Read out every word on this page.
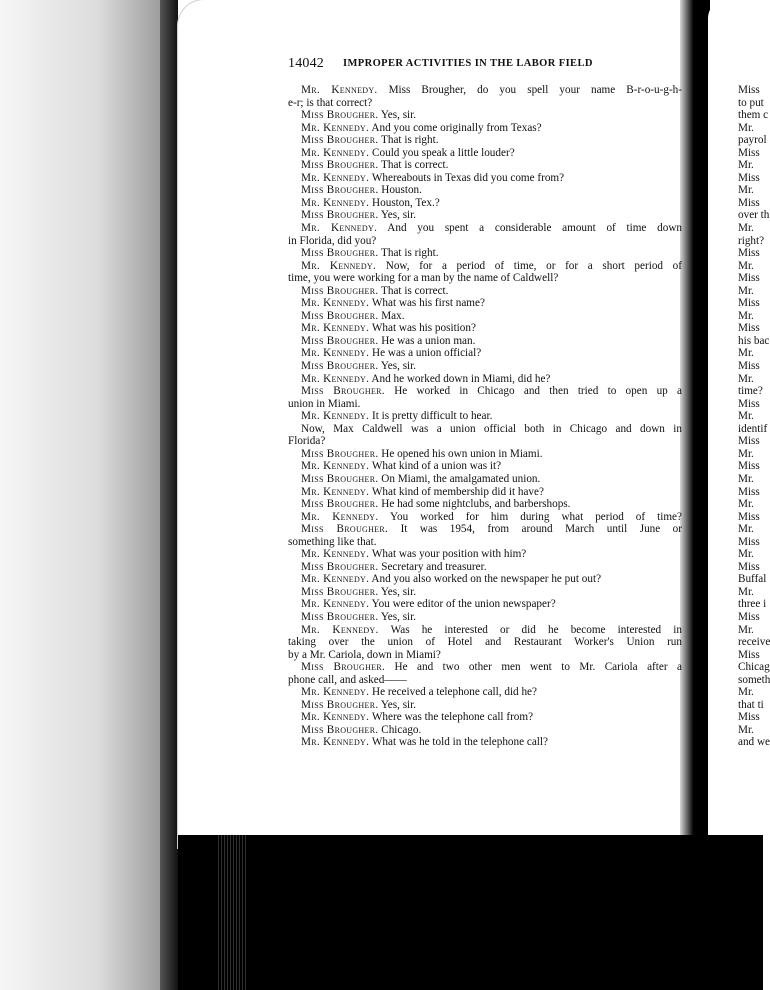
Miss
to put
them c
Mr.
payrol
Miss
Mr.
Miss
Mr.
Miss
over th
Mr.
right?
Miss
Mr.
Miss
Mr.
Miss
Mr.
Miss
his bac
Mr.
Miss
Mr.
time?
Miss
Mr.
identif
Miss
Mr.
Miss
Mr.
Miss
Mr.
Miss
Mr.
Miss
Mr.
Miss
Buffal
Mr.
three i
Miss
Mr.
receive
Miss
Chicag
someth
Mr.
that ti
Miss
Mr.
and we
14042 IMPROPER ACTIVITIES IN THE LABOR FIELD
Mr. Kennedy. Miss Brougher, do you spell your name B-r-o-u-g-h-
e-r; is that correct?
Miss Brougher. Yes, sir.
Mr. Kennedy. And you come originally from Texas?
Miss Brougher. That is right.
Mr. Kennedy. Could you speak a little louder?
Miss Brougher. That is correct.
Mr. Kennedy. Whereabouts in Texas did you come from?
Miss Brougher. Houston.
Mr. Kennedy. Houston, Tex.?
Miss Brougher. Yes, sir.
Mr. Kennedy. And you spent a considerable amount of time down
in Florida, did you?
Miss Brougher. That is right.
Mr. Kennedy. Now, for a period of time, or for a short period of
time, you were working for a man by the name of Caldwell?
Miss Brougher. That is correct.
Mr. Kennedy. What was his first name?
Miss Brougher. Max.
Mr. Kennedy. What was his position?
Miss Brougher. He was a union man.
Mr. Kennedy. He was a union official?
Miss Brougher. Yes, sir.
Mr. Kennedy. And he worked down in Miami, did he?
Miss Brougher. He worked in Chicago and then tried to open up a
union in Miami.
Mr. Kennedy. It is pretty difficult to hear.
Now, Max Caldwell was a union official both in Chicago and down in
Florida?
Miss Brougher. He opened his own union in Miami.
Mr. Kennedy. What kind of a union was it?
Miss Brougher. On Miami, the amalgamated union.
Mr. Kennedy. What kind of membership did it have?
Miss Brougher. He had some nightclubs, and barbershops.
Mr. Kennedy. You worked for him during what period of time?
Miss Brougher. It was 1954, from around March until June or
something like that.
Mr. Kennedy. What was your position with him?
Miss Brougher. Secretary and treasurer.
Mr. Kennedy. And you also worked on the newspaper he put out?
Miss Brougher. Yes, sir.
Mr. Kennedy. You were editor of the union newspaper?
Miss Brougher. Yes, sir.
Mr. Kennedy. Was he interested or did he become interested in
taking over the union of Hotel and Restaurant Worker's Union run
by a Mr. Cariola, down in Miami?
Miss Brougher. He and two other men went to Mr. Cariola after a
phone call, and asked——
Mr. Kennedy. He received a telephone call, did he?
Miss Brougher. Yes, sir.
Mr. Kennedy. Where was the telephone call from?
Miss Brougher. Chicago.
Mr. Kennedy. What was he told in the telephone call?
